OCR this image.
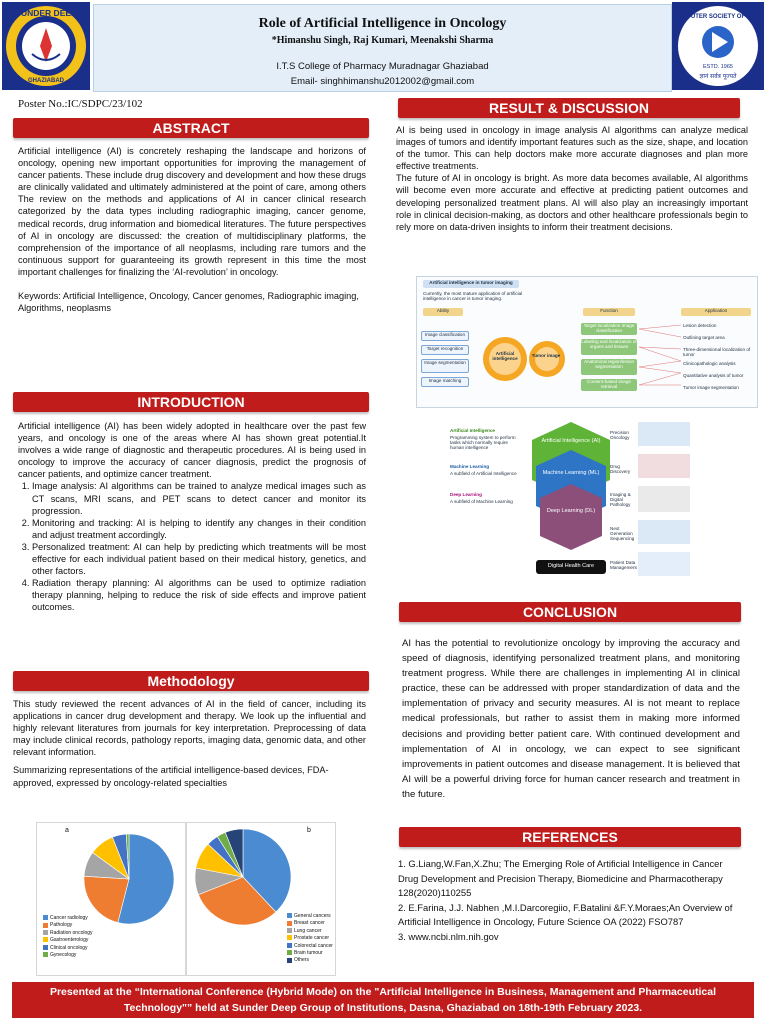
SUNDER DEEP
GHAZIABAD
Role of Artificial Intelligence in Oncology
*Himanshu Singh, Raj Kumari, Meenakshi Sharma
I.T.S College of Pharmacy Muradnagar Ghaziabad
Email- singhhimanshu2012002@gmail.com
COMPUTER SOCIETY OF INDIA
ESTD. 1965
ज्ञानं सर्वत्र पूज्यते
Poster No.:IC/SDPC/23/102
ABSTRACT

Artificial intelligence (AI) is concretely reshaping the landscape and horizons of oncology, opening new important opportunities for improving the management of cancer patients. These include drug discovery and development and how these drugs are clinically validated and ultimately administered at the point of care, among others The review on the methods and applications of AI in cancer clinical research categorized by the data types including radiographic imaging, cancer genome, medical records, drug information and biomedical literatures. The future perspectives of AI in oncology are discussed: the creation of multidisciplinary platforms, the comprehension of the importance of all neoplasms, including rare tumors and the continuous support for guaranteeing its growth represent in this time the most important challenges for finalizing the ‘AI-revolution’ in oncology.

Keywords: Artificial Intelligence, Oncology, Cancer genomes, Radiographic imaging, Algorithms, neoplasms

INTRODUCTION

Artificial intelligence (AI) has been widely adopted in healthcare over the past few years, and oncology is one of the areas where AI has shown great potential.It involves a wide range of diagnostic and therapeutic procedures. AI is being used in oncology to improve the accuracy of cancer diagnosis, predict the prognosis of cancer patients, and optimize cancer treatment.

1. Image analysis: AI algorithms can be trained to analyze medical images such as CT scans, MRI scans, and PET scans to detect cancer and monitor its progression.
2. Monitoring and tracking: AI is helping to identify any changes in their condition and adjust treatment accordingly.
3. Personalized treatment: AI can help by predicting which treatments will be most effective for each individual patient based on their medical history, genetics, and other factors.
4. Radiation therapy planning: AI algorithms can be used to optimize radiation therapy planning, helping to reduce the risk of side effects and improve patient outcomes.
Methodology

This study reviewed the recent advances of AI in the field of cancer, including its applications in cancer drug development and therapy. We look up the influential and highly relevant literatures from journals for key interpretation. Preprocessing of data may include clinical records, pathology reports, imaging data, genomic data, and other relevant information.

Summarizing representations of the artificial intelligence-based devices, FDA-approved, expressed by oncology-related specialties

a
Cancer radiology
Pathology
Radiation oncology
Gastroenterology
Clinical oncology
Gynecology
b
General cancers
Breast cancer
Lung cancer
Prostate cancer
Colorectal cancer
Brain tumour
Others
RESULT & DISCUSSION

AI is being used in oncology in image analysis AI algorithms can analyze medical images of tumors and identify important features such as the size, shape, and location of the tumor. This can help doctors make more accurate diagnoses and plan more effective treatments.

The future of AI in oncology is bright. As more data becomes available, AI algorithms will become even more accurate and effective at predicting patient outcomes and developing personalized treatment plans. AI will also play an increasingly important role in clinical decision-making, as doctors and other healthcare professionals begin to rely more on data-driven insights to inform their treatment decisions.

Artificial intelligence in tumor imaging
Currently, the most mature application of artificial intelligence in cancer is tumor imaging.
Ability	Function	Application
Image classification
Target recognition
Image segmentation
Image matching
Artificial intelligence
Tumor image
Target localization Image classification
Labeling and localization of organs and tissues
Anatomical region/lesion segmentation
Content-based image retrieval
Lesion detection
Outlining target area
Three-dimensional localization of tumor
Clinicopathologic analysis
Quantitative analysis of tumor
Tumor image segmentation
Artificial Intelligence
Programming system to perform tasks which normally require human intelligence
Machine Learning
A subfield of Artificial Intelligence
Deep Learning
A subfield of Machine Learning
Artificial Intelligence (AI)
Machine Learning (ML)
Deep Learning (DL)
Digital Health Care
Precision Oncology
Drug Discovery
Imaging & Digital Pathology
Next Generation Sequencing
Patient Data Management
CONCLUSION

AI has the potential to revolutionize oncology by improving the accuracy and speed of diagnosis, identifying personalized treatment plans, and monitoring treatment progress. While there are challenges in implementing AI in clinical practice, these can be addressed with proper standardization of data and the implementation of privacy and security measures. AI is not meant to replace medical professionals, but rather to assist them in making more informed decisions and providing better patient care. With continued development and implementation of AI in oncology, we can expect to see significant improvements in patient outcomes and disease management. It is believed that AI will be a powerful driving force for human cancer research and treatment in the future.

REFERENCES

1. G.Liang,W.Fan,X.Zhu; The Emerging Role of Artificial Intelligence in Cancer Drug Development and Precision Therapy, Biomedicine and Pharmacotherapy 128(2020)110255

2. E.Farina, J.J. Nabhen ,M.I.Darcoregiio, F.Batalini &F.Y.Moraes;An Overview of Artificial Intelligence in Oncology, Future Science OA (2022) FSO787

3. www.ncbi.nlm.nih.gov

Presented at the “International Conference (Hybrid Mode) on the "Artificial Intelligence in Business, Management and Pharmaceutical
Technology"” held at Sunder Deep Group of Institutions, Dasna, Ghaziabad on 18th-19th February 2023.
